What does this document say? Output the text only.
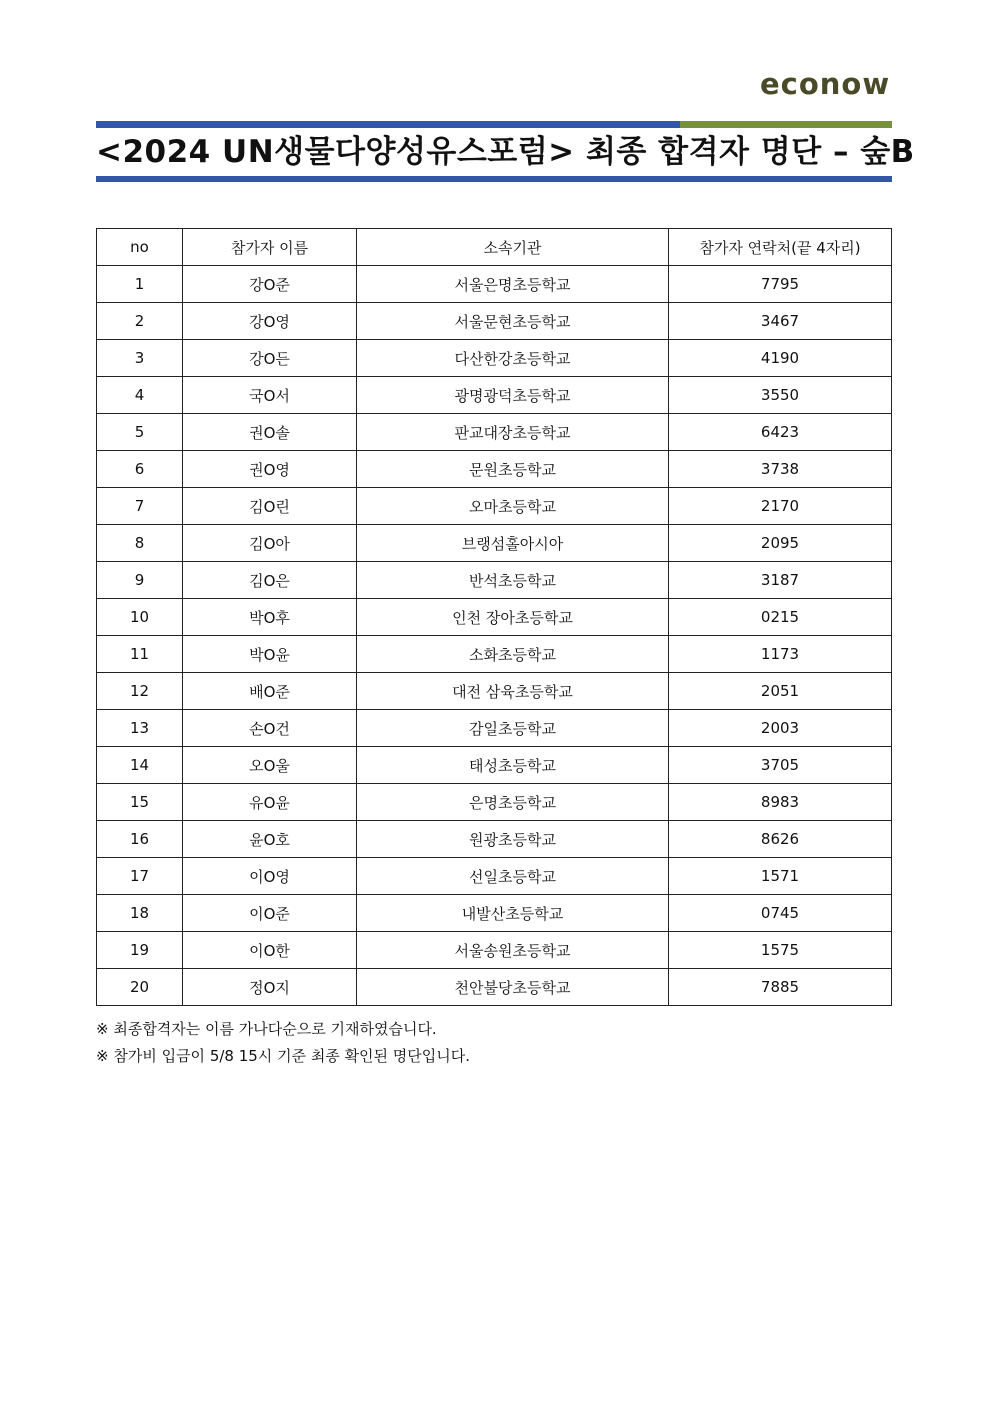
econow
<2024 UN생물다양성유스포럼> 최종 합격자 명단 – 숲B
no	참가자 이름	소속기관	참가자 연락처(끝 4자리)
1	강O준	서울은명초등학교	7795
2	강O영	서울문현초등학교	3467
3	강O든	다산한강초등학교	4190
4	국O서	광명광덕초등학교	3550
5	권O솔	판교대장초등학교	6423
6	권O영	문원초등학교	3738
7	김O린	오마초등학교	2170
8	김O아	브랭섬홀아시아	2095
9	김O은	반석초등학교	3187
10	박O후	인천 장아초등학교	0215
11	박O윤	소화초등학교	1173
12	배O준	대전 삼육초등학교	2051
13	손O건	감일초등학교	2003
14	오O울	태성초등학교	3705
15	유O윤	은명초등학교	8983
16	윤O호	원광초등학교	8626
17	이O영	선일초등학교	1571
18	이O준	내발산초등학교	0745
19	이O한	서울송원초등학교	1575
20	정O지	천안불당초등학교	7885
※ 최종합격자는 이름 가나다순으로 기재하였습니다.
※ 참가비 입금이 5/8 15시 기준 최종 확인된 명단입니다.
